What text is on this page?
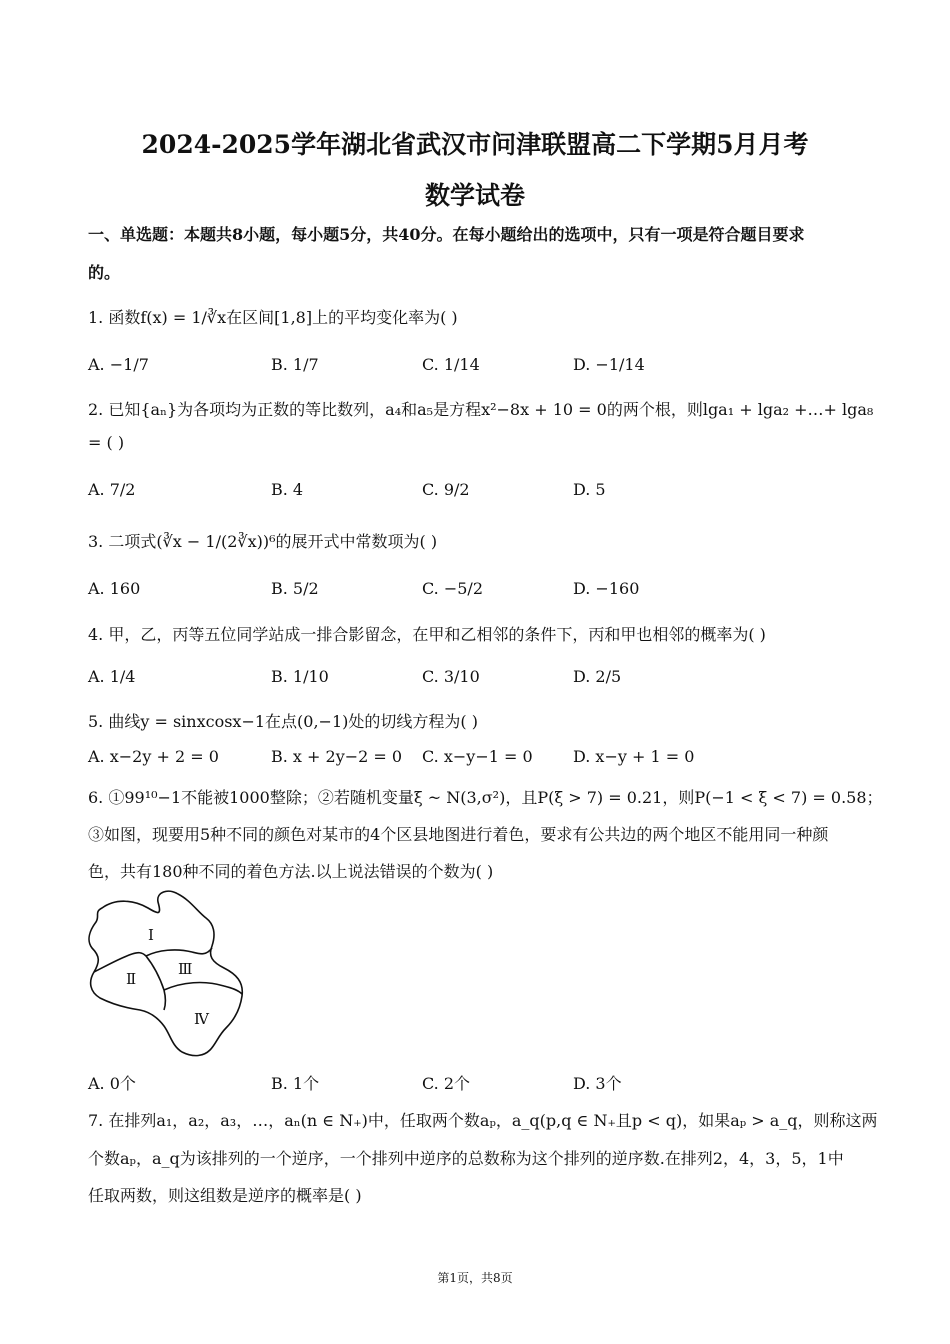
2024-2025学年湖北省武汉市问津联盟高二下学期5月月考
数学试卷
一、单选题：本题共8小题，每小题5分，共40分。在每小题给出的选项中，只有一项是符合题目要求
的。
1. 函数f(x) = 1/∛x在区间[1,8]上的平均变化率为( )
A. −1/7	B. 1/7	C. 1/14	D. −1/14
2. 已知{aₙ}为各项均为正数的等比数列，a₄和a₅是方程x²−8x + 10 = 0的两个根，则lga₁ + lga₂ +…+ lga₈
= ( )
A. 7/2	B. 4	C. 9/2	D. 5
3. 二项式(∛x − 1/(2∛x))⁶的展开式中常数项为( )
A. 160	B. 5/2	C. −5/2	D. −160
4. 甲，乙，丙等五位同学站成一排合影留念，在甲和乙相邻的条件下，丙和甲也相邻的概率为( )
A. 1/4	B. 1/10	C. 3/10	D. 2/5
5. 曲线y = sinxcosx−1在点(0,−1)处的切线方程为( )
A. x−2y + 2 = 0	B. x + 2y−2 = 0 C. x−y−1 = 0	D. x−y + 1 = 0
6. ①99¹⁰−1不能被1000整除；②若随机变量ξ ~ N(3,σ²)，且P(ξ > 7) = 0.21，则P(−1 < ξ < 7) = 0.58；
③如图，现要用5种不同的颜色对某市的4个区县地图进行着色，要求有公共边的两个地区不能用同一种颜
色，共有180种不同的着色方法.以上说法错误的个数为( )
Ⅰ
Ⅱ
Ⅲ
Ⅳ
A. 0个	B. 1个	C. 2个	D. 3个
7. 在排列a₁，a₂，a₃，…，aₙ(n ∈ N₊)中，任取两个数aₚ，a_q(p,q ∈ N₊且p < q)，如果aₚ > a_q，则称这两
个数aₚ，a_q为该排列的一个逆序，一个排列中逆序的总数称为这个排列的逆序数.在排列2，4，3，5，1中
任取两数，则这组数是逆序的概率是( )
第1页，共8页
